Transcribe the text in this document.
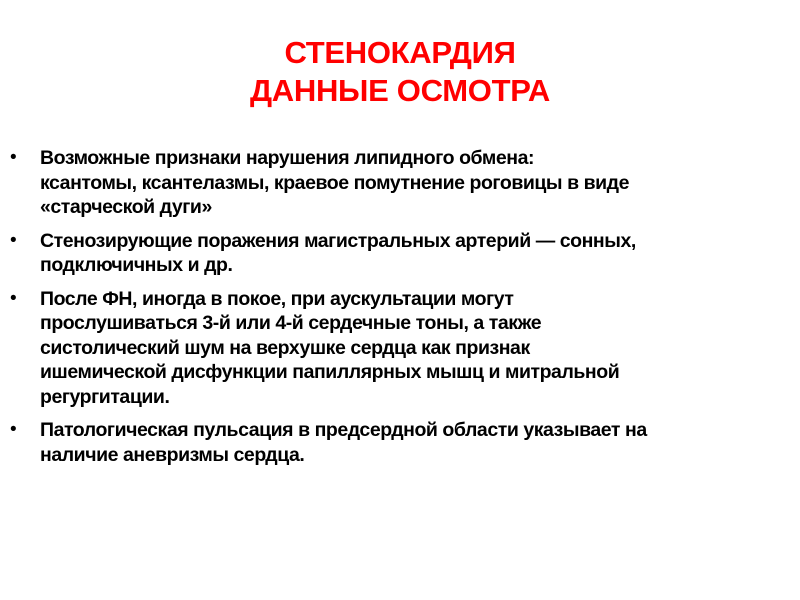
СТЕНОКАРДИЯ
ДАННЫЕ ОСМОТРА
•	Возможные признаки нарушения липидного обмена:
ксантомы, ксантелазмы, краевое помутнение роговицы в виде
«старческой дуги»
•	Стенозирующие поражения магистральных артерий — сонных,
подключичных и др.
•	После ФН, иногда в покое, при аускультации могут
прослушиваться 3-й или 4-й сердечные тоны, а также
систолический шум на верхушке сердца как признак
ишемической дисфункции папиллярных мышц и митральной
регургитации.
•	Патологическая пульсация в предсердной области указывает на
наличие аневризмы сердца.
